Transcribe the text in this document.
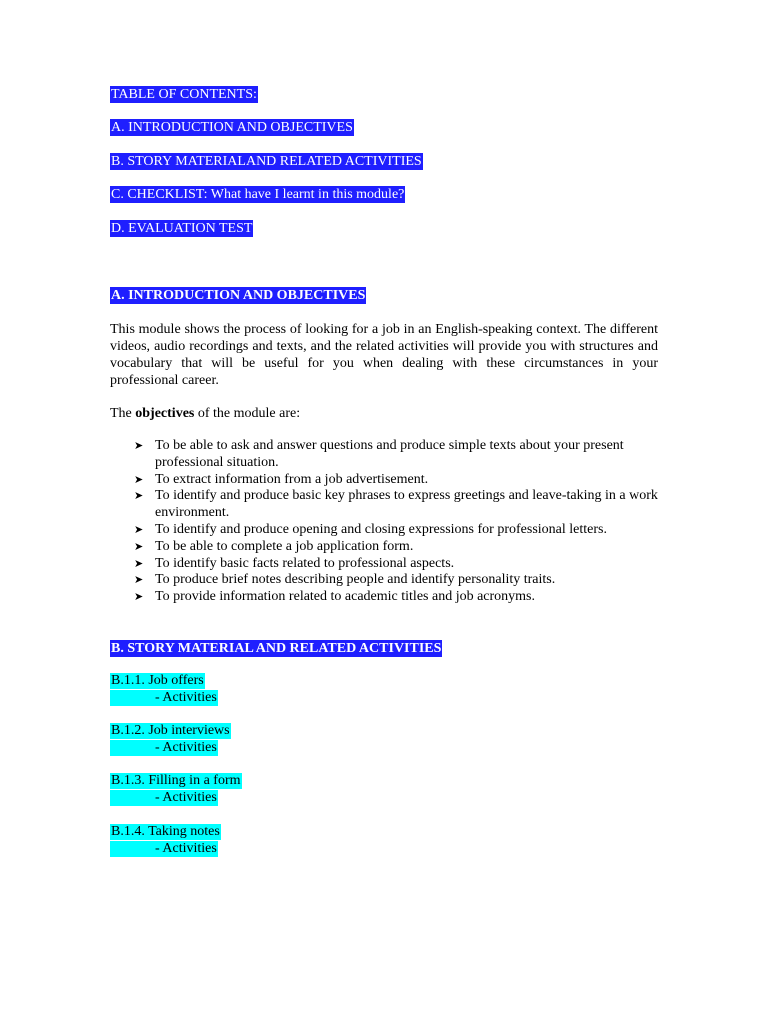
TABLE OF CONTENTS:
A. INTRODUCTION AND OBJECTIVES
B. STORY MATERIALAND RELATED ACTIVITIES
C. CHECKLIST: What have I learnt in this module?
D. EVALUATION TEST
A. INTRODUCTION AND OBJECTIVES
This module shows the process of looking for a job in an English-speaking context. The different videos, audio recordings and texts, and the related activities will provide you with structures and vocabulary that will be useful for you when dealing with these circumstances in your professional career.
The objectives of the module are:
➤ To be able to ask and answer questions and produce simple texts about your present professional situation.
➤ To extract information from a job advertisement.
➤ To identify and produce basic key phrases to express greetings and leave-taking in a work environment.
➤ To identify and produce opening and closing expressions for professional letters.
➤ To be able to complete a job application form.
➤ To identify basic facts related to professional aspects.
➤ To produce brief notes describing people and identify personality traits.
➤ To provide information related to academic titles and job acronyms.
B. STORY MATERIAL AND RELATED ACTIVITIES
B.1.1. Job offers
- Activities
B.1.2. Job interviews
- Activities
B.1.3. Filling in a form
- Activities
B.1.4. Taking notes
- Activities
